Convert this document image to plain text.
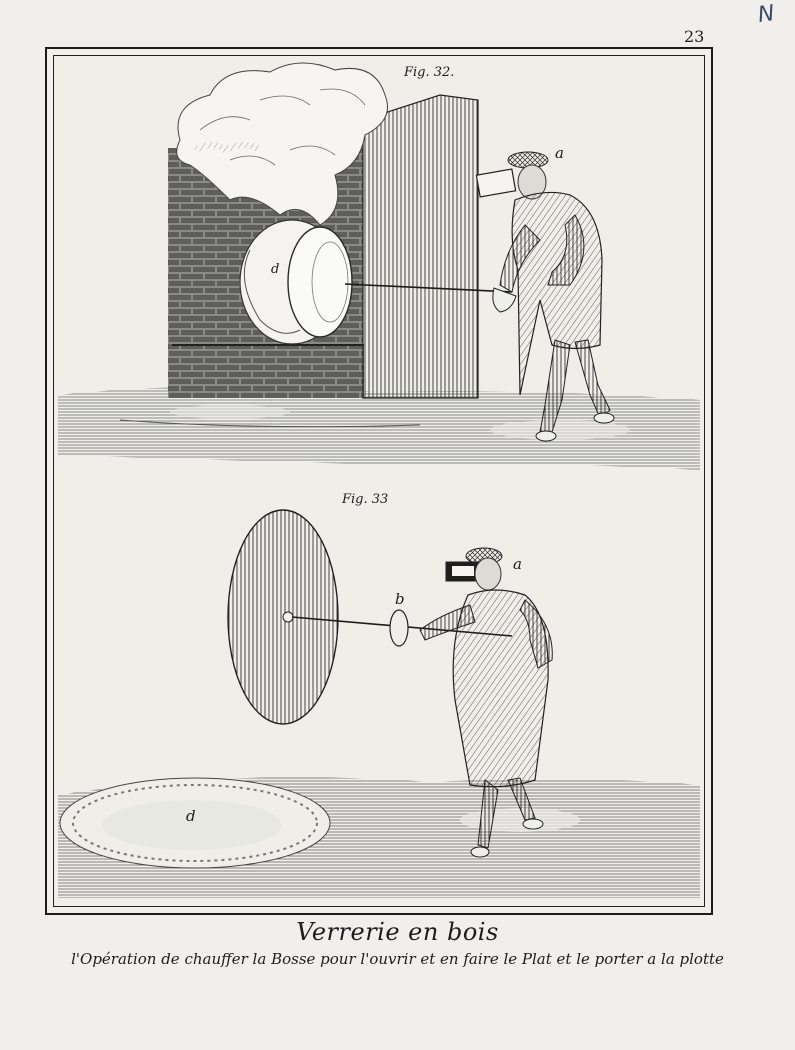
23
N
Fig. 32.
a
d
Fig. 33
a
b
d
Verrerie en bois
l'Opération de chauffer la Bosse pour l'ouvrir et en faire le Plat et le porter a la plotte
